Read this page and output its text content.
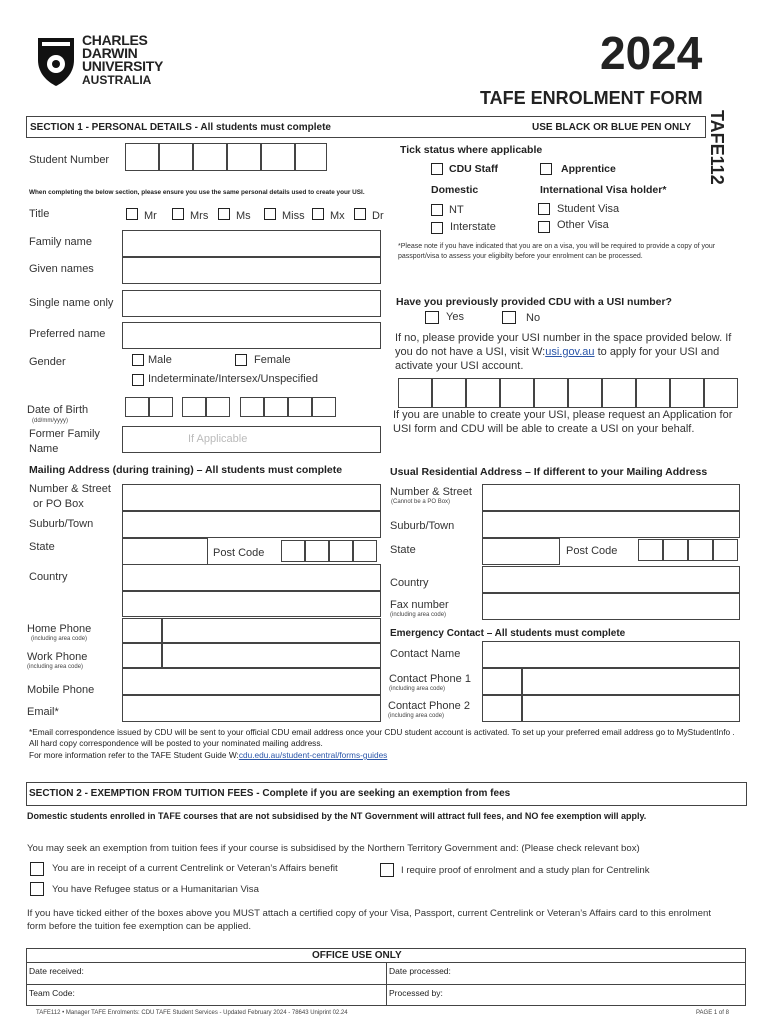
CHARLES
DARWIN
UNIVERSITY
AUSTRALIA
2024
TAFE ENROLMENT FORM
TAFE112
SECTION 1 - PERSONAL DETAILS - All students must complete	USE BLACK OR BLUE PEN ONLY
Student Number
When completing the below section, please ensure you use the same personal details used to create your USI.
Title	Mr	Mrs	Ms	Miss Mx Dr
Family name
Given names
Single name only
Preferred name
Gender	Male	Female
Indeterminate/Intersex/Unspecified
Date of Birth
(dd/mm/yyyy)
Former Family
Name
If Applicable
Tick status where applicable
CDU Staff	Apprentice
Domestic	International Visa holder*
NT
Interstate
Student Visa
Other Visa
*Please note if you have indicated that you are on a visa, you will be required to provide a copy of your passport/visa to assess your eligibilty before your enrolment can be processed.
Have you previously provided CDU with a USI number?
Yes	No
If no, please provide your USI number in the space provided below. If you do not have a USI, visit W:usi.gov.au to apply for your USI and activate your USI account.
If you are unable to create your USI, please request an Application for USI form and CDU will be able to create a USI on your behalf.
Mailing Address (during training) – All students must complete	Usual Residential Address – If different to your Mailing Address
Number & Street
or PO Box
Suburb/Town
State	Post Code
Country
Home Phone
(including area code)
Work Phone
(including area code)
Mobile Phone
Email*
Number & Street
(Cannot be a PO Box)
Suburb/Town
State	Post Code
Country
Fax number
(including area code)
Emergency Contact – All students must complete
Contact Name
Contact Phone 1
(including area code)
Contact Phone 2
(including area code)
*Email correspondence issued by CDU will be sent to your official CDU email address once your CDU student account is activated. To set up your preferred email address go to MyStudentInfo . All hard copy correspondence will be posted to your nominated mailing address.
For more information refer to the TAFE Student Guide W:cdu.edu.au/student-central/forms-guides
SECTION 2 - EXEMPTION FROM TUITION FEES - Complete if you are seeking an exemption from fees
Domestic students enrolled in TAFE courses that are not subsidised by the NT Government will attract full fees, and NO fee exemption will apply.
You may seek an exemption from tuition fees if your course is subsidised by the Northern Territory Government and: (Please check relevant box)
You are in receipt of a current Centrelink or Veteran’s Affairs benefit	I require proof of enrolment and a study plan for Centrelink
You have Refugee status or a Humanitarian Visa
If you have ticked either of the boxes above you MUST attach a certified copy of your Visa, Passport, current Centrelink or Veteran’s Affairs card to this enrolment form before the tuition fee exemption can be applied.
OFFICE USE ONLY
Date received:	Date processed:
Team Code:	Processed by:
TAFE112 • Manager TAFE Enrolments: CDU TAFE Student Services - Updated February 2024 - 78643 Uniprint 02.24	PAGE 1 of 8
